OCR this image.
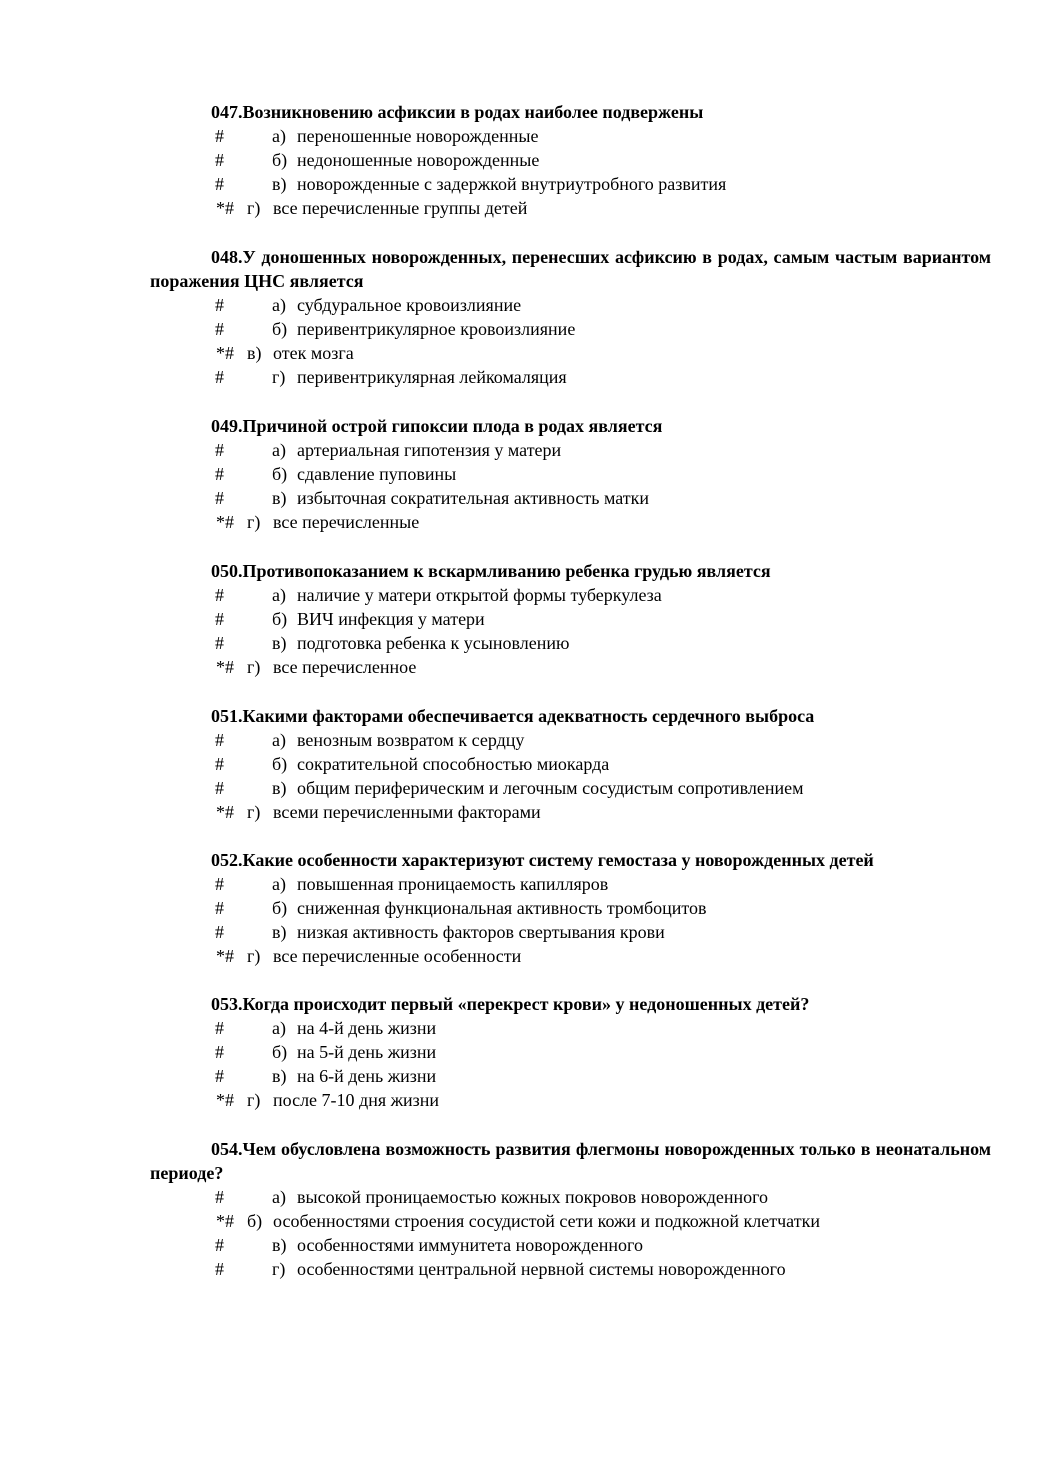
047.Возникновению асфиксии в родах наиболее подвержены

#	а) переношенные новорожденные
#	б) недоношенные новорожденные
#	в) новорожденные с задержкой внутриутробного развития
*# г) все перечисленные группы детей

048.У доношенных новорожденных, перенесших асфиксию в родах, самым частым вариантом поражения ЦНС является

#	а) субдуральное кровоизлияние
#	б) перивентрикулярное кровоизлияние
*# в) отек мозга
#	г) перивентрикулярная лейкомаляция

049.Причиной острой гипоксии плода в родах является

#	а) артериальная гипотензия у матери
#	б) сдавление пуповины
#	в) избыточная сократительная активность матки
*# г) все перечисленные

050.Противопоказанием к вскармливанию ребенка грудью является

#	а) наличие у матери открытой формы туберкулеза
#	б) ВИЧ инфекция у матери
#	в) подготовка ребенка к усыновлению
*# г) все перечисленное

051.Какими факторами обеспечивается адекватность сердечного выброса

#	а) венозным возвратом к сердцу
#	б) сократительной способностью миокарда
#	в) общим периферическим и легочным сосудистым сопротивлением
*# г) всеми перечисленными факторами

052.Какие особенности характеризуют систему гемостаза у новорожденных детей

#	а) повышенная проницаемость капилляров
#	б) сниженная функциональная активность тромбоцитов
#	в) низкая активность факторов свертывания крови
*# г) все перечисленные особенности

053.Когда происходит первый «перекрест крови» у недоношенных детей?

#	а) на 4-й день жизни
#	б) на 5-й день жизни
#	в) на 6-й день жизни
*# г) после 7-10 дня жизни

054.Чем обусловлена возможность развития флегмоны новорожденных только в неонатальном периоде?

#	а) высокой проницаемостью кожных покровов новорожденного
*# б) особенностями строения сосудистой сети кожи и подкожной клетчатки
#	в) особенностями иммунитета новорожденного
#	г) особенностями центральной нервной системы новорожденного
